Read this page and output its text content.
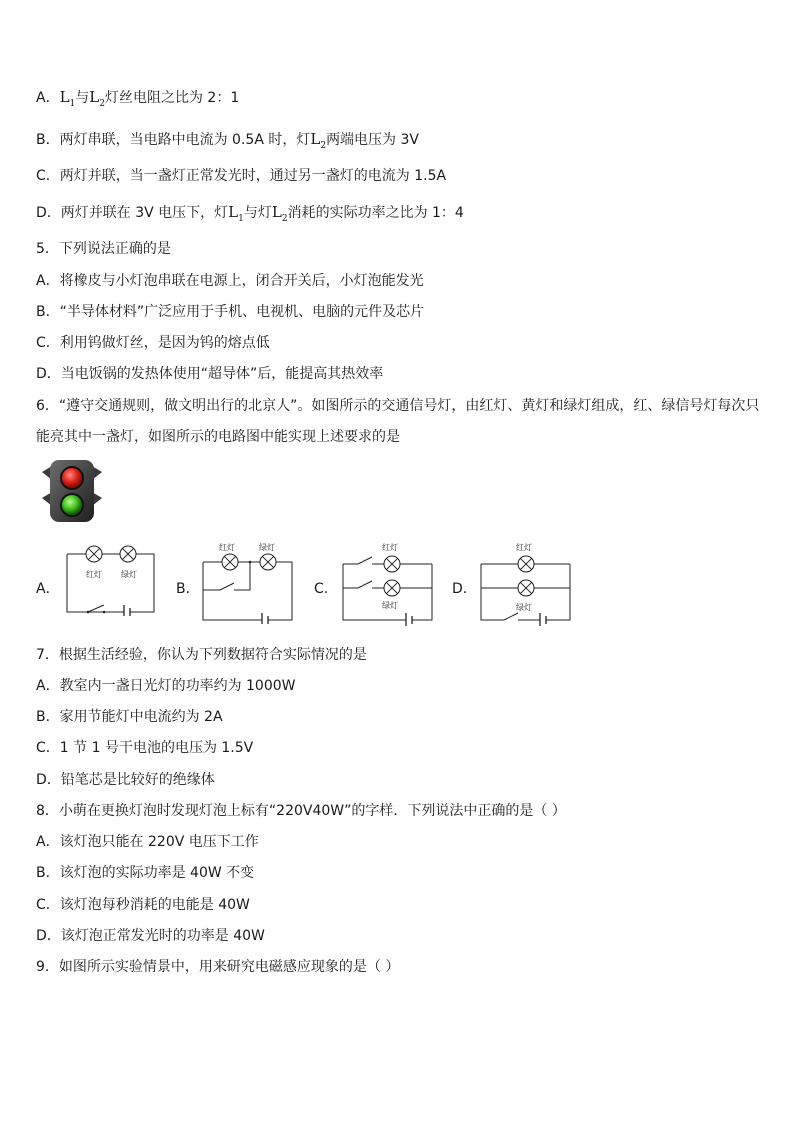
A．$L_1$与$L_2$灯丝电阻之比为 2：1
B．两灯串联，当电路中电流为 0.5A 时，灯$L_2$两端电压为 3V
C．两灯并联，当一盏灯正常发光时，通过另一盏灯的电流为 1.5A
D．两灯并联在 3V 电压下，灯$L_1$与灯$L_2$消耗的实际功率之比为 1：4
5．下列说法正确的是
A．将橡皮与小灯泡串联在电源上，闭合开关后，小灯泡能发光
B．“半导体材料”广泛应用于手机、电视机、电脑的元件及芯片
C．利用钨做灯丝，是因为钨的熔点低
D．当电饭锅的发热体使用“超导体”后，能提高其热效率
6．“遵守交通规则，做文明出行的北京人”。如图所示的交通信号灯，由红灯、黄灯和绿灯组成，红、绿信号灯每次只
能亮其中一盏灯，如图所示的电路图中能实现上述要求的是
A．
红灯 绿灯
B．
红灯	绿灯
C．
红灯
绿灯
D．
红灯
绿灯
7．根据生活经验，你认为下列数据符合实际情况的是
A．教室内一盏日光灯的功率约为 1000W
B．家用节能灯中电流约为 2A
C．1 节 1 号干电池的电压为 1.5V
D．铅笔芯是比较好的绝缘体
8．小萌在更换灯泡时发现灯泡上标有“220V40W”的字样．下列说法中正确的是（ ）
A．该灯泡只能在 220V 电压下工作
B．该灯泡的实际功率是 40W 不变
C．该灯泡每秒消耗的电能是 40W
D．该灯泡正常发光时的功率是 40W
9．如图所示实验情景中，用来研究电磁感应现象的是（ ）
